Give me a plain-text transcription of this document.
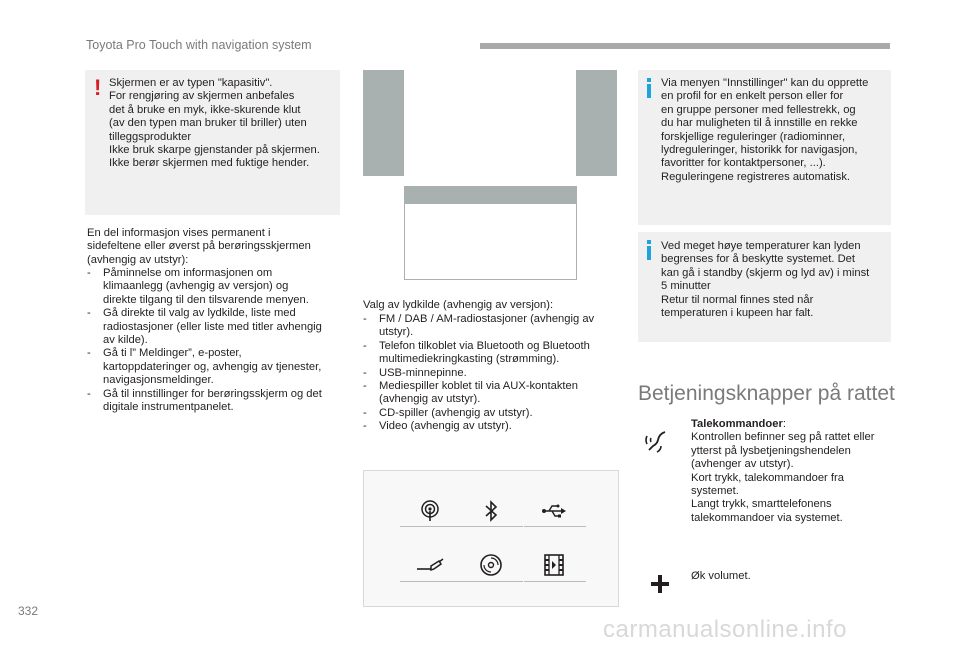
Toyota Pro Touch with navigation system
! Skjermen er av typen "kapasitiv".
For rengjøring av skjermen anbefales
det å bruke en myk, ikke-skurende klut
(av den typen man bruker til briller) uten
tilleggsprodukter
Ikke bruk skarpe gjenstander på skjermen.
Ikke berør skjermen med fuktige hender.
En del informasjon vises permanent i
sidefeltene eller øverst på berøringsskjermen
(avhengig av utstyr):
-	Påminnelse om informasjonen om
klimaanlegg (avhengig av versjon) og
direkte tilgang til den tilsvarende menyen.
-	Gå direkte til valg av lydkilde, liste med
radiostasjoner (eller liste med titler avhengig
av kilde).
-	Gå ti l” Meldinger”, e-poster,
kartoppdateringer og, avhengig av tjenester,
navigasjonsmeldinger.
-	Gå til innstillinger for berøringsskjerm og det
digitale instrumentpanelet.
Valg av lydkilde (avhengig av versjon):
-	FM / DAB / AM-radiostasjoner (avhengig av
utstyr).
-	Telefon tilkoblet via Bluetooth og Bluetooth
multimediekringkasting (strømming).
-	USB-minnepinne.
-	Mediespiller koblet til via AUX-kontakten
(avhengig av utstyr).
-	CD-spiller (avhengig av utstyr).
-	Video (avhengig av utstyr).
Via menyen "Innstillinger" kan du opprette
en profil for en enkelt person eller for
en gruppe personer med fellestrekk, og
du har muligheten til å innstille en rekke
forskjellige reguleringer (radiominner,
lydreguleringer, historikk for navigasjon,
favoritter for kontaktpersoner, ...).
Reguleringene registreres automatisk.
Ved meget høye temperaturer kan lyden
begrenses for å beskytte systemet. Det
kan gå i standby (skjerm og lyd av) i minst
5 minutter
Retur til normal finnes sted når
temperaturen i kupeen har falt.
Betjeningsknapper på rattet
Talekommandoer:
Kontrollen befinner seg på rattet eller
ytterst på lysbetjeningshendelen
(avhenger av utstyr).
Kort trykk, talekommandoer fra
systemet.
Langt trykk, smarttelefonens
talekommandoer via systemet.
Øk volumet.
332
carmanualsonline.info
